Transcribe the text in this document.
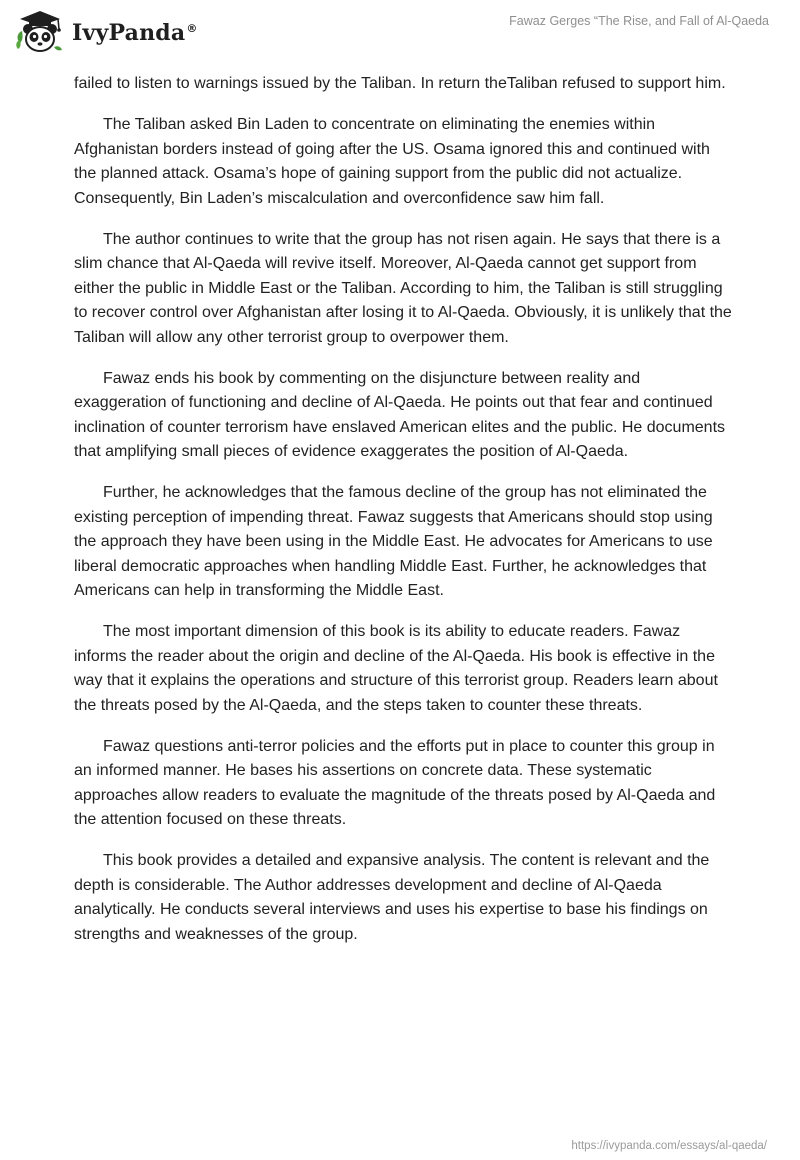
IvyPanda®
Fawaz Gerges “The Rise, and Fall of Al-Qaeda

failed to listen to warnings issued by the Taliban. In return theTaliban refused to support him.

The Taliban asked Bin Laden to concentrate on eliminating the enemies within Afghanistan borders instead of going after the US. Osama ignored this and continued with the planned attack. Osama’s hope of gaining support from the public did not actualize. Consequently, Bin Laden’s miscalculation and overconfidence saw him fall.

The author continues to write that the group has not risen again. He says that there is a slim chance that Al-Qaeda will revive itself. Moreover, Al-Qaeda cannot get support from either the public in Middle East or the Taliban. According to him, the Taliban is still struggling to recover control over Afghanistan after losing it to Al-Qaeda. Obviously, it is unlikely that the Taliban will allow any other terrorist group to overpower them.

Fawaz ends his book by commenting on the disjuncture between reality and exaggeration of functioning and decline of Al-Qaeda. He points out that fear and continued inclination of counter terrorism have enslaved American elites and the public. He documents that amplifying small pieces of evidence exaggerates the position of Al-Qaeda.

Further, he acknowledges that the famous decline of the group has not eliminated the existing perception of impending threat. Fawaz suggests that Americans should stop using the approach they have been using in the Middle East. He advocates for Americans to use liberal democratic approaches when handling Middle East. Further, he acknowledges that Americans can help in transforming the Middle East.

The most important dimension of this book is its ability to educate readers. Fawaz informs the reader about the origin and decline of the Al-Qaeda. His book is effective in the way that it explains the operations and structure of this terrorist group. Readers learn about the threats posed by the Al-Qaeda, and the steps taken to counter these threats.

Fawaz questions anti-terror policies and the efforts put in place to counter this group in an informed manner. He bases his assertions on concrete data. These systematic approaches allow readers to evaluate the magnitude of the threats posed by Al-Qaeda and the attention focused on these threats.

This book provides a detailed and expansive analysis. The content is relevant and the depth is considerable. The Author addresses development and decline of Al-Qaeda analytically. He conducts several interviews and uses his expertise to base his findings on strengths and weaknesses of the group.

https://ivypanda.com/essays/al-qaeda/
